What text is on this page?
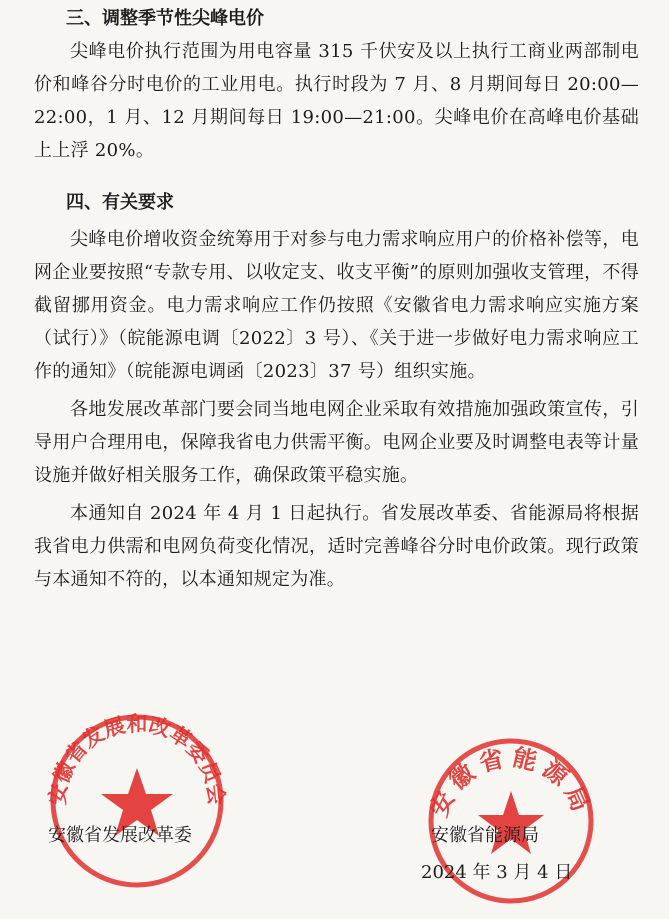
三、调整季节性尖峰电价

尖峰电价执行范围为用电容量 315 千伏安及以上执行工商业两部制电价和峰谷分时电价的工业用电。执行时段为 7 月、8 月期间每日 20:00—22:00，1 月、12 月期间每日 19:00—21:00。尖峰电价在高峰电价基础上上浮 20%。

四、有关要求

尖峰电价增收资金统筹用于对参与电力需求响应用户的价格补偿等，电网企业要按照“专款专用、以收定支、收支平衡”的原则加强收支管理，不得截留挪用资金。电力需求响应工作仍按照《安徽省电力需求响应实施方案（试行）》（皖能源电调〔2022〕3 号）、《关于进一步做好电力需求响应工作的通知》（皖能源电调函〔2023〕37 号）组织实施。

各地发展改革部门要会同当地电网企业采取有效措施加强政策宣传，引导用户合理用电，保障我省电力供需平衡。电网企业要及时调整电表等计量设施并做好相关服务工作，确保政策平稳实施。

本通知自 2024 年 4 月 1 日起执行。省发展改革委、省能源局将根据我省电力供需和电网负荷变化情况，适时完善峰谷分时电价政策。现行政策与本通知不符的，以本通知规定为准。

安徽省发展和改革委员会	安徽省能源局
安徽省发展改革委	安徽省能源局
2024 年 3 月 4 日
